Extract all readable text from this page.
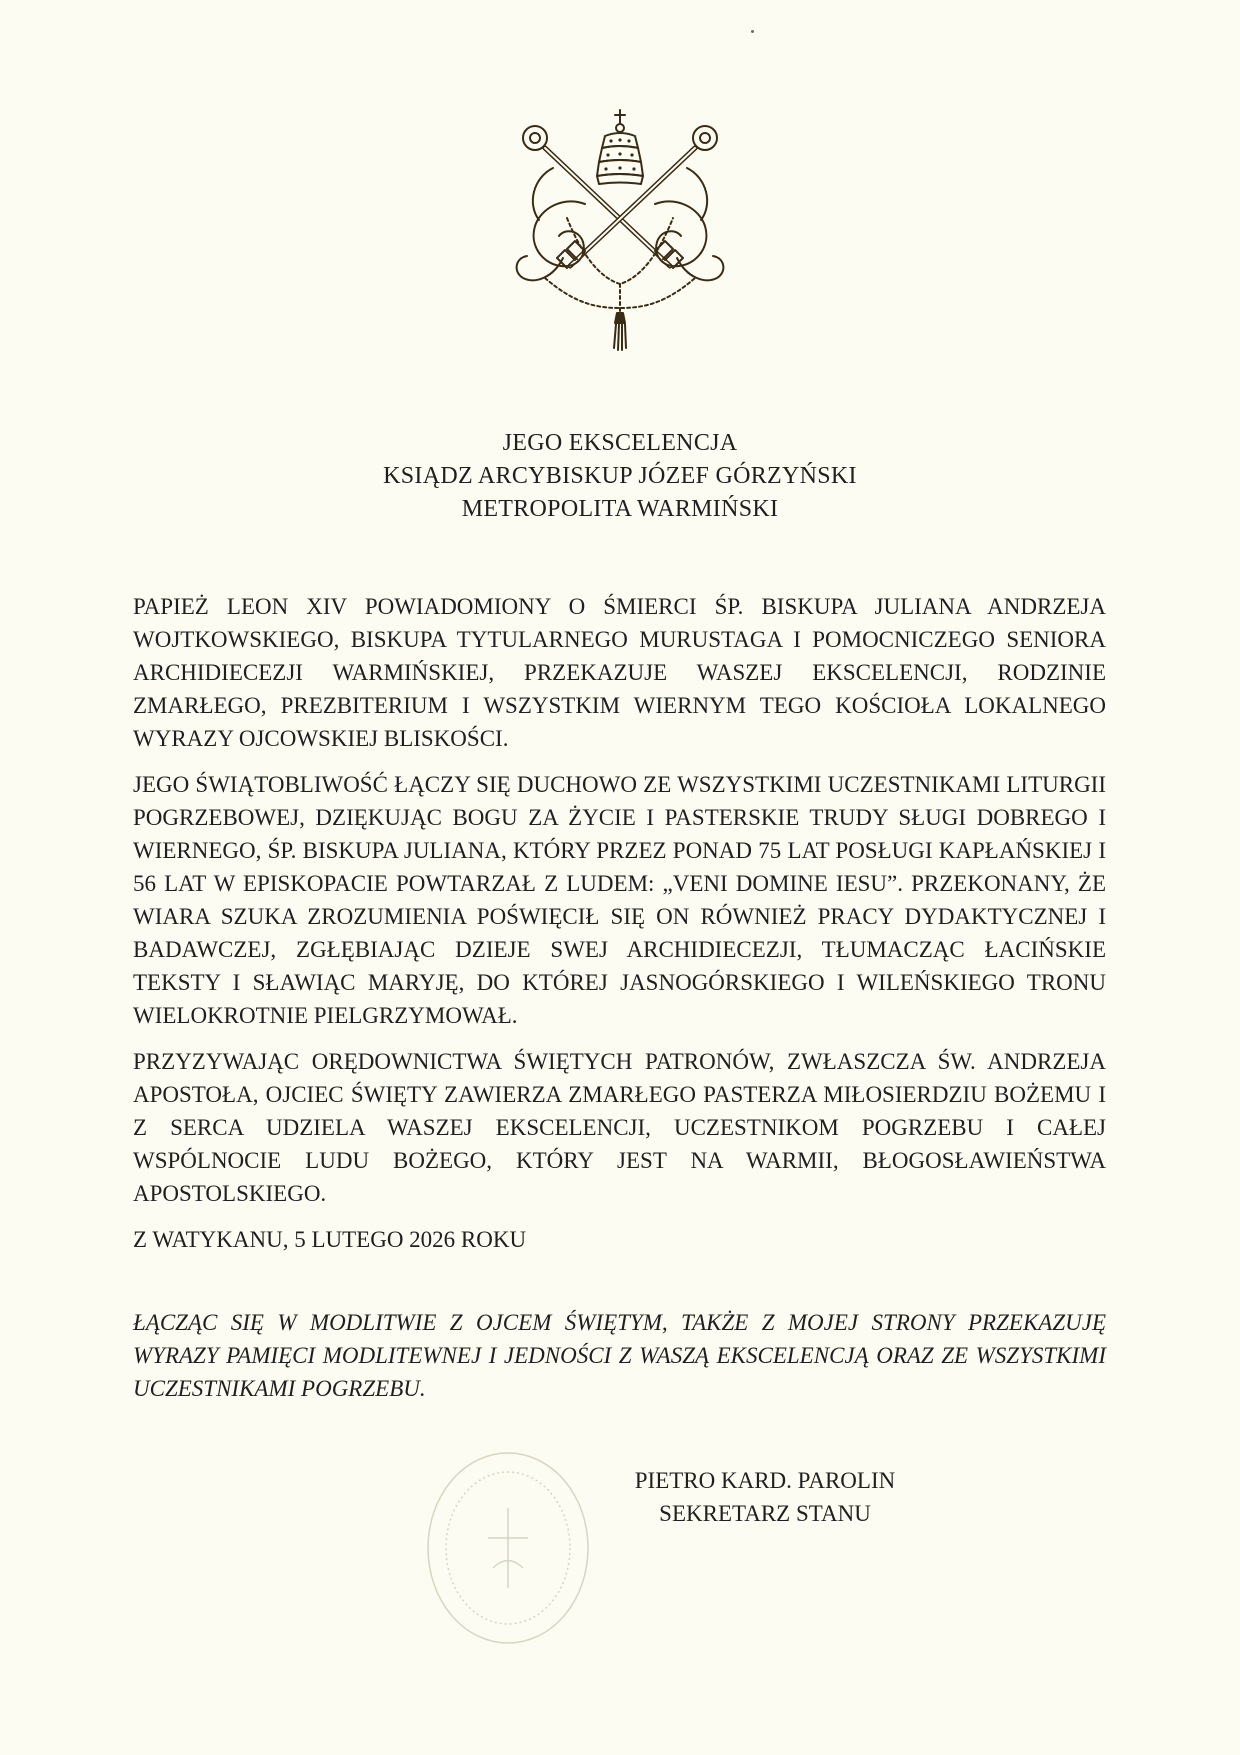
JEGO EKSCELENCJA
KSIĄDZ ARCYBISKUP JÓZEF GÓRZYŃSKI
METROPOLITA WARMIŃSKI

PAPIEŻ LEON XIV POWIADOMIONY O ŚMIERCI ŚP. BISKUPA JULIANA ANDRZEJA WOJTKOWSKIEGO, BISKUPA TYTULARNEGO MURUSTAGA I POMOCNICZEGO SENIORA ARCHIDIECEZJI WARMIŃSKIEJ, PRZEKAZUJE WASZEJ EKSCELENCJI, RODZINIE ZMARŁEGO, PREZBITERIUM I WSZYSTKIM WIERNYM TEGO KOŚCIOŁA LOKALNEGO WYRAZY OJCOWSKIEJ BLISKOŚCI.

JEGO ŚWIĄTOBLIWOŚĆ ŁĄCZY SIĘ DUCHOWO ZE WSZYSTKIMI UCZESTNIKAMI LITURGII POGRZEBOWEJ, DZIĘKUJĄC BOGU ZA ŻYCIE I PASTERSKIE TRUDY SŁUGI DOBREGO I WIERNEGO, ŚP. BISKUPA JULIANA, KTÓRY PRZEZ PONAD 75 LAT POSŁUGI KAPŁAŃSKIEJ I 56 LAT W EPISKOPACIE POWTARZAŁ Z LUDEM: „VENI DOMINE IESU”. PRZEKONANY, ŻE WIARA SZUKA ZROZUMIENIA POŚWIĘCIŁ SIĘ ON RÓWNIEŻ PRACY DYDAKTYCZNEJ I BADAWCZEJ, ZGŁĘBIAJĄC DZIEJE SWEJ ARCHIDIECEZJI, TŁUMACZĄC ŁACIŃSKIE TEKSTY I SŁAWIĄC MARYJĘ, DO KTÓREJ JASNOGÓRSKIEGO I WILEŃSKIEGO TRONU WIELOKROTNIE PIELGRZYMOWAŁ.

PRZYZYWAJĄC ORĘDOWNICTWA ŚWIĘTYCH PATRONÓW, ZWŁASZCZA ŚW. ANDRZEJA APOSTOŁA, OJCIEC ŚWIĘTY ZAWIERZA ZMARŁEGO PASTERZA MIŁOSIERDZIU BOŻEMU I Z SERCA UDZIELA WASZEJ EKSCELENCJI, UCZESTNIKOM POGRZEBU I CAŁEJ WSPÓLNOCIE LUDU BOŻEGO, KTÓRY JEST NA WARMII, BŁOGOSŁAWIEŃSTWA APOSTOLSKIEGO.

Z WATYKANU, 5 LUTEGO 2026 ROKU

ŁĄCZĄC SIĘ W MODLITWIE Z OJCEM ŚWIĘTYM, TAKŻE Z MOJEJ STRONY PRZEKAZUJĘ WYRAZY PAMIĘCI MODLITEWNEJ I JEDNOŚCI Z WASZĄ EKSCELENCJĄ ORAZ ZE WSZYSTKIMI UCZESTNIKAMI POGRZEBU.
PIETRO KARD. PAROLIN
SEKRETARZ STANU
